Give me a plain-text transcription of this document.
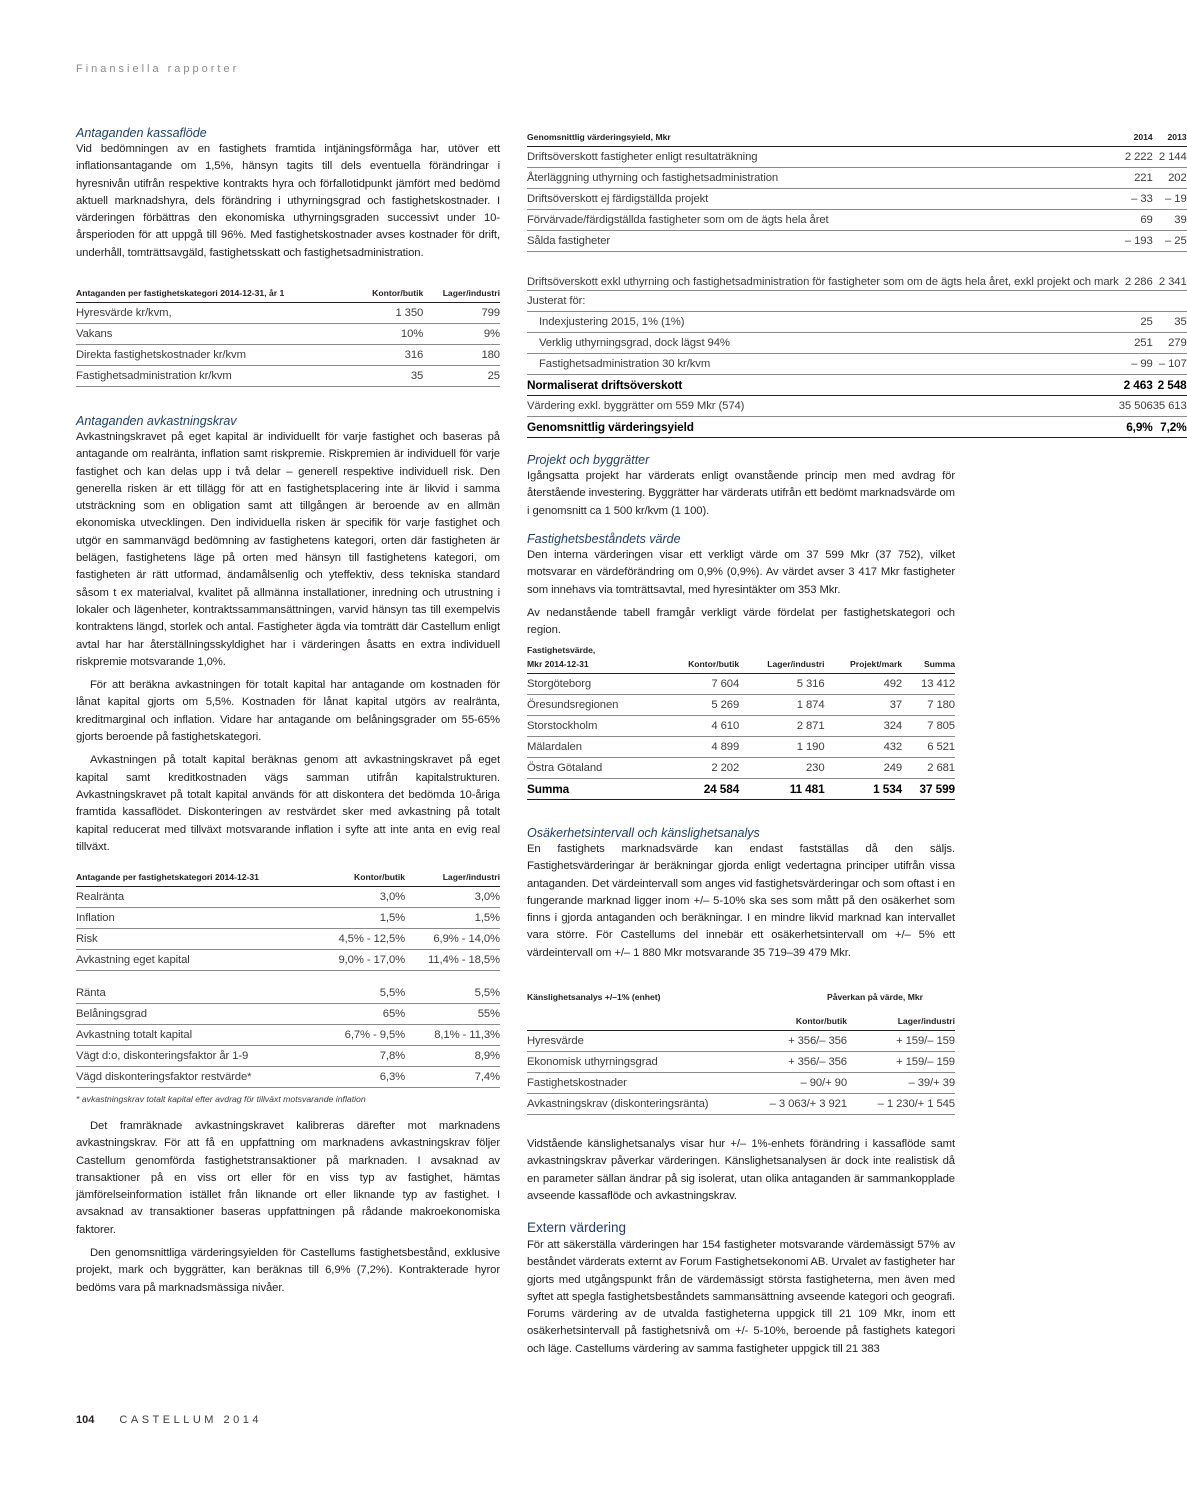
Finansiella rapporter
Antaganden kassaflöde

Vid bedömningen av en fastighets framtida intjäningsförmåga har, utöver ett inflationsantagande om 1,5%, hänsyn tagits till dels eventuella förändringar i hyresnivån utifrån respektive kontrakts hyra och förfallotidpunkt jämfört med bedömd aktuell marknadshyra, dels förändring i uthyrningsgrad och fastighetskostnader. I värderingen förbättras den ekonomiska uthyrningsgraden successivt under 10-årsperioden för att uppgå till 96%. Med fastighetskostnader avses kostnader för drift, underhåll, tomträttsavgäld, fastighetsskatt och fastighetsadministration.

Antaganden per fastighetskategori 2014-12-31, år 1	Kontor/butik	Lager/industri
Hyresvärde kr/kvm,	1 350	799
Vakans	10%	9%
Direkta fastighetskostnader kr/kvm	316	180
Fastighetsadministration kr/kvm	35	25
Antaganden avkastningskrav

Avkastningskravet på eget kapital är individuellt för varje fastighet och baseras på antagande om realränta, inflation samt riskpremie. Riskpremien är individuell för varje fastighet och kan delas upp i två delar – generell respektive individuell risk. Den generella risken är ett tillägg för att en fastighetsplacering inte är likvid i samma utsträckning som en obligation samt att tillgången är beroende av en allmän ekonomiska utvecklingen. Den individuella risken är specifik för varje fastighet och utgör en sammanvägd bedömning av fastighetens kategori, orten där fastigheten är belägen, fastighetens läge på orten med hänsyn till fastighetens kategori, om fastigheten är rätt utformad, ändamålsenlig och yteffektiv, dess tekniska standard såsom t ex materialval, kvalitet på allmänna installationer, inredning och utrustning i lokaler och lägenheter, kontraktssammansättningen, varvid hänsyn tas till exempelvis kontraktens längd, storlek och antal. Fastigheter ägda via tomträtt där Castellum enligt avtal har har återställningsskyldighet har i värderingen åsatts en extra individuell riskpremie motsvarande 1,0%.

För att beräkna avkastningen för totalt kapital har antagande om kostnaden för lånat kapital gjorts om 5,5%. Kostnaden för lånat kapital utgörs av realränta, kreditmarginal och inflation. Vidare har antagande om belåningsgrader om 55-65% gjorts beroende på fastighetskategori.

Avkastningen på totalt kapital beräknas genom att avkastningskravet på eget kapital samt kreditkostnaden vägs samman utifrån kapitalstrukturen. Avkastningskravet på totalt kapital används för att diskontera det bedömda 10-åriga framtida kassaflödet. Diskonteringen av restvärdet sker med avkastning på totalt kapital reducerat med tillväxt motsvarande inflation i syfte att inte anta en evig real tillväxt.

Antagande per fastighetskategori 2014-12-31	Kontor/butik	Lager/industri
Realränta	3,0%	3,0%
Inflation	1,5%	1,5%
Risk	4,5% - 12,5%	6,9% - 14,0%
Avkastning eget kapital	9,0% - 17,0%	11,4% - 18,5%

Ränta	5,5%	5,5%
Belåningsgrad	65%	55%
Avkastning totalt kapital	6,7% - 9,5%	8,1% - 11,3%
Vägt d:o, diskonteringsfaktor år 1-9	7,8%	8,9%
Vägd diskonteringsfaktor restvärde*	6,3%	7,4%
* avkastningskrav totalt kapital efter avdrag för tillväxt motsvarande inflation

Det framräknade avkastningskravet kalibreras därefter mot marknadens avkastningskrav. För att få en uppfattning om marknadens avkastningskrav följer Castellum genomförda fastighetstransaktioner på marknaden. I avsaknad av transaktioner på en viss ort eller för en viss typ av fastighet, hämtas jämförelseinformation istället från liknande ort eller liknande typ av fastighet. I avsaknad av transaktioner baseras uppfattningen på rådande makroekonomiska faktorer.

Den genomsnittliga värderingsyielden för Castellums fastighetsbestånd, exklusive projekt, mark och byggrätter, kan beräknas till 6,9% (7,2%). Kontrakterade hyror bedöms vara på marknadsmässiga nivåer.

Genomsnittlig värderingsyield, Mkr	2014	2013
Driftsöverskott fastigheter enligt resultaträkning	2 222	2 144
Återläggning uthyrning och fastighetsadministration	221	202
Driftsöverskott ej färdigställda projekt	– 33	– 19
Förvärvade/färdigställda fastigheter som om de ägts hela året	69	39
Sålda fastigheter	– 193	– 25
Driftsöverskott exkl uthyrning och fastighetsadministration för fastigheter som om de ägts hela året, exkl projekt och mark	2 286	2 341
Justerat för:		
Indexjustering 2015, 1% (1%)	25	35
Verklig uthyrningsgrad, dock lägst 94%	251	279
Fastighetsadministration 30 kr/kvm	– 99	– 107
Normaliserat driftsöverskott	2 463	2 548
Värdering exkl. byggrätter om 559 Mkr (574)	35 506	35 613
Genomsnittlig värderingsyield	6,9%	7,2%
Projekt och byggrätter

Igångsatta projekt har värderats enligt ovanstående princip men med avdrag för återstående investering. Byggrätter har värderats utifrån ett bedömt marknadsvärde om i genomsnitt ca 1 500 kr/kvm (1 100).

Fastighetsbeståndets värde

Den interna värderingen visar ett verkligt värde om 37 599 Mkr (37 752), vilket motsvarar en värdeförändring om 0,9% (0,9%). Av värdet avser 3 417 Mkr fastigheter som innehavs via tomträttsavtal, med hyresintäkter om 353 Mkr.

Av nedanstående tabell framgår verkligt värde fördelat per fastighetskategori och region.

Fastighetsvärde,
Mkr 2014-12-31	Kontor/butik	Lager/industri	Projekt/mark	Summa
Storgöteborg	7 604	5 316	492	13 412
Öresundsregionen	5 269	1 874	37	7 180
Storstockholm	4 610	2 871	324	7 805
Mälardalen	4 899	1 190	432	6 521
Östra Götaland	2 202	230	249	2 681
Summa	24 584	11 481	1 534	37 599
Osäkerhetsintervall och känslighetsanalys

En fastighets marknadsvärde kan endast fastställas då den säljs. Fastighetsvärderingar är beräkningar gjorda enligt vedertagna principer utifrån vissa antaganden. Det värdeintervall som anges vid fastighetsvärderingar och som oftast i en fungerande marknad ligger inom +/– 5-10% ska ses som mått på den osäkerhet som finns i gjorda antaganden och beräkningar. I en mindre likvid marknad kan intervallet vara större. För Castellums del innebär ett osäkerhetsintervall om +/– 5% ett värdeintervall om +/– 1 880 Mkr motsvarande 35 719–39 479 Mkr.

Känslighetsanalys +/–1% (enhet)	Påverkan på värde, Mkr
	Kontor/butik	Lager/industri
Hyresvärde	+ 356/– 356	+ 159/– 159
Ekonomisk uthyrningsgrad	+ 356/– 356	+ 159/– 159
Fastighetskostnader	– 90/+ 90	– 39/+ 39
Avkastningskrav (diskonteringsränta)	– 3 063/+ 3 921	– 1 230/+ 1 545

Vidstående känslighetsanalys visar hur +/– 1%-enhets förändring i kassaflöde samt avkastningskrav påverkar värderingen. Känslighetsanalysen är dock inte realistisk då en parameter sällan ändrar på sig isolerat, utan olika antaganden är sammankopplade avseende kassaflöde och avkastningskrav.

Extern värdering

För att säkerställa värderingen har 154 fastigheter motsvarande värdemässigt 57% av beståndet värderats externt av Forum Fastighetsekonomi AB. Urvalet av fastigheter har gjorts med utgångspunkt från de värdemässigt största fastigheterna, men även med syftet att spegla fastighetsbeståndets sammansättning avseende kategori och geografi. Forums värdering av de utvalda fastigheterna uppgick till 21 109 Mkr, inom ett osäkerhetsintervall på fastighetsnivå om +/- 5-10%, beroende på fastighets kategori och läge. Castellums värdering av samma fastigheter uppgick till 21 383

104 CASTELLUM 2014
